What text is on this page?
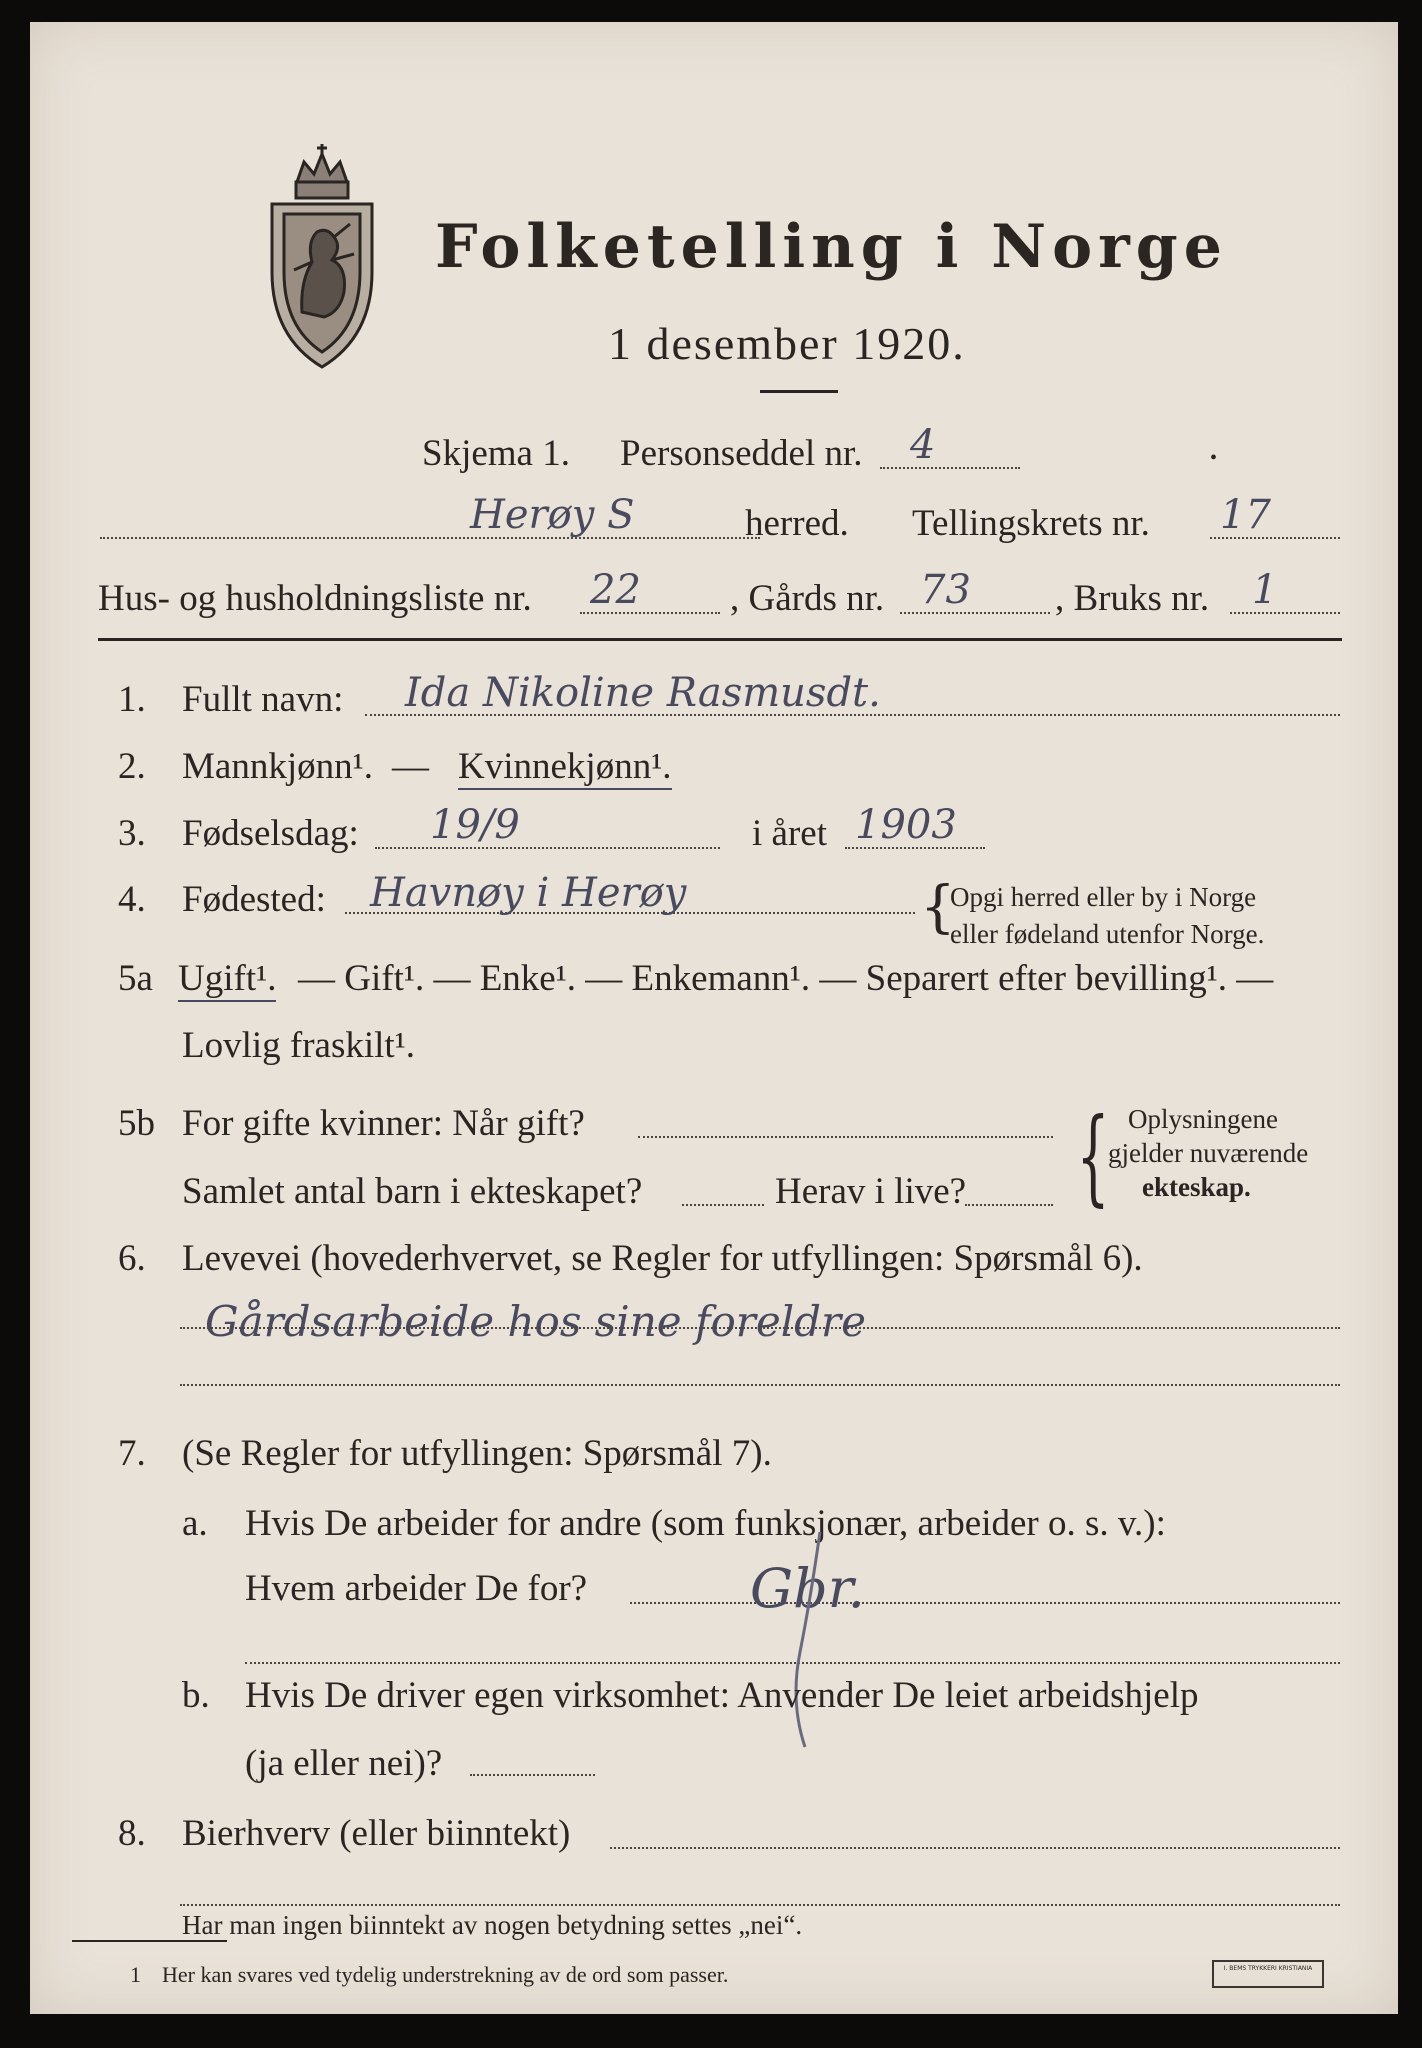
Folketelling i Norge
1 desember 1920.
Skjema 1. Personseddel nr. 4	•
Herøy S	herred. Tellingskrets nr. 17
Hus- og husholdningsliste nr. 22 , Gårds nr. 73 , Bruks nr. 1
1. Fullt navn: Ida Nikoline Rasmusdt.
2. Mannkjønn¹. — Kvinnekjønn¹.
3. Fødselsdag: 19/9	i året 1903
4. Fødested: Havnøy i Herøy	{
Opgi herred eller by i Norge
eller fødeland utenfor Norge.
5a Ugift¹. — Gift¹. — Enke¹. — Enkemann¹. — Separert efter bevilling¹. —
Lovlig fraskilt¹.
5b For gifte kvinner: Når gift?
Samlet antal barn i ekteskapet?	Herav i live? { Oplysningene
gjelder nuværende
ekteskap.
6. Levevei (hovederhvervet, se Regler for utfyllingen: Spørsmål 6).
Gårdsarbeide hos sine foreldre
7. (Se Regler for utfyllingen: Spørsmål 7).
a. Hvis De arbeider for andre (som funksjonær, arbeider o. s. v.):
Hvem arbeider De for?	Gbr.
b. Hvis De driver egen virksomhet: Anvender De leiet arbeidshjelp
(ja eller nei)?
8. Bierhverv (eller biinntekt)
Har man ingen biinntekt av nogen betydning settes „nei“.
1 Her kan svares ved tydelig understrekning av de ord som passer.	I. BEMS TRYKKERI KRISTIANIA
